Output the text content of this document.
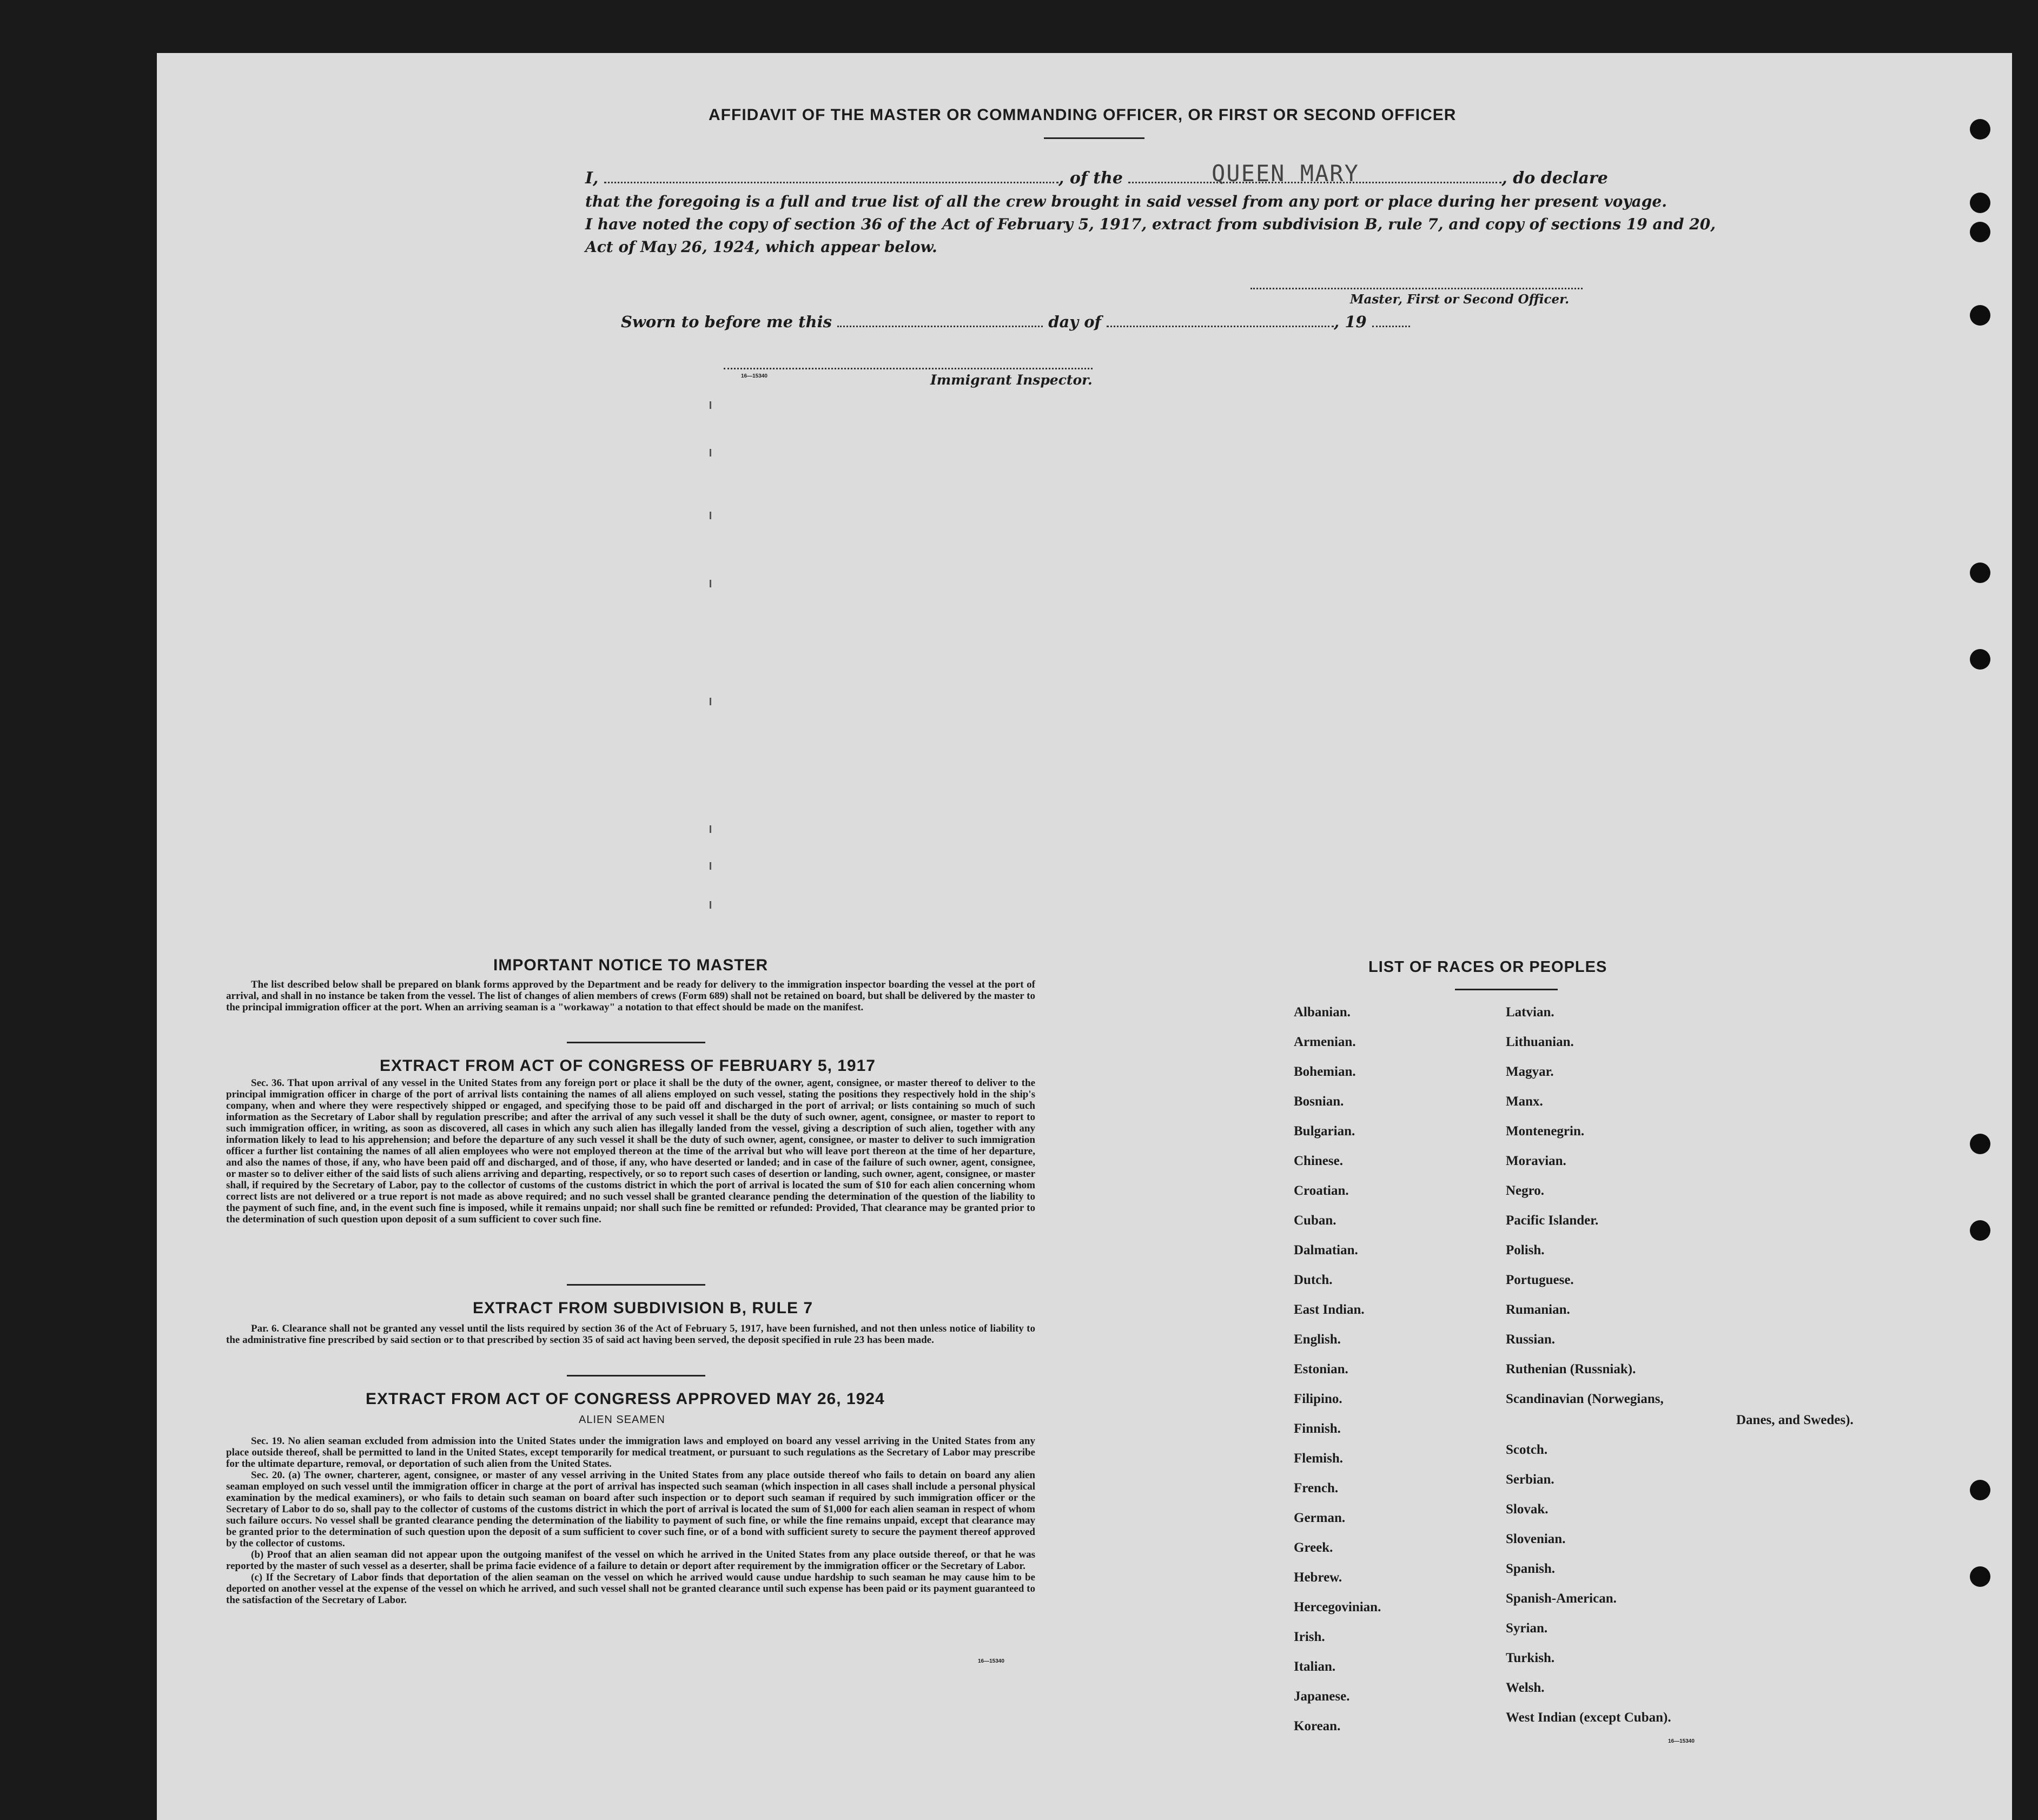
AFFIDAVIT OF THE MASTER OR COMMANDING OFFICER, OR FIRST OR SECOND OFFICER
I,	, of the	, do declare
QUEEN MARY
that the foregoing is a full and true list of all the crew brought in said vessel from any port or place during her present voyage.
I have noted the copy of section 36 of the Act of February 5, 1917, extract from subdivision B, rule 7, and copy of sections 19 and 20,
Act of May 26, 1924, which appear below.
Master, First or Second Officer.
Sworn to before me this	day of	, 19
16—15340	Immigrant Inspector.
IMPORTANT NOTICE TO MASTER
The list described below shall be prepared on blank forms approved by the Department and be ready for delivery to the immigration inspector boarding the vessel at the port of arrival, and shall in no instance be taken from the vessel. The list of changes of alien members of crews (Form 689) shall not be retained on board, but shall be delivered by the master to the principal immigration officer at the port. When an arriving seaman is a "workaway" a notation to that effect should be made on the manifest.
EXTRACT FROM ACT OF CONGRESS OF FEBRUARY 5, 1917
Sec. 36. That upon arrival of any vessel in the United States from any foreign port or place it shall be the duty of the owner, agent, consignee, or master thereof to deliver to the principal immigration officer in charge of the port of arrival lists containing the names of all aliens employed on such vessel, stating the positions they respectively hold in the ship's company, when and where they were respectively shipped or engaged, and specifying those to be paid off and discharged in the port of arrival; or lists containing so much of such information as the Secretary of Labor shall by regulation prescribe; and after the arrival of any such vessel it shall be the duty of such owner, agent, consignee, or master to report to such immigration officer, in writing, as soon as discovered, all cases in which any such alien has illegally landed from the vessel, giving a description of such alien, together with any information likely to lead to his apprehension; and before the departure of any such vessel it shall be the duty of such owner, agent, consignee, or master to deliver to such immigration officer a further list containing the names of all alien employees who were not employed thereon at the time of the arrival but who will leave port thereon at the time of her departure, and also the names of those, if any, who have been paid off and discharged, and of those, if any, who have deserted or landed; and in case of the failure of such owner, agent, consignee, or master so to deliver either of the said lists of such aliens arriving and departing, respectively, or so to report such cases of desertion or landing, such owner, agent, consignee, or master shall, if required by the Secretary of Labor, pay to the collector of customs of the customs district in which the port of arrival is located the sum of $10 for each alien concerning whom correct lists are not delivered or a true report is not made as above required; and no such vessel shall be granted clearance pending the determination of the question of the liability to the payment of such fine, and, in the event such fine is imposed, while it remains unpaid; nor shall such fine be remitted or refunded: Provided, That clearance may be granted prior to the determination of such question upon deposit of a sum sufficient to cover such fine.
EXTRACT FROM SUBDIVISION B, RULE 7
Par. 6. Clearance shall not be granted any vessel until the lists required by section 36 of the Act of February 5, 1917, have been furnished, and not then unless notice of liability to the administrative fine prescribed by said section or to that prescribed by section 35 of said act having been served, the deposit specified in rule 23 has been made.
EXTRACT FROM ACT OF CONGRESS APPROVED MAY 26, 1924
ALIEN SEAMEN
Sec. 19. No alien seaman excluded from admission into the United States under the immigration laws and employed on board any vessel arriving in the United States from any place outside thereof, shall be permitted to land in the United States, except temporarily for medical treatment, or pursuant to such regulations as the Secretary of Labor may prescribe for the ultimate departure, removal, or deportation of such alien from the United States.
Sec. 20. (a) The owner, charterer, agent, consignee, or master of any vessel arriving in the United States from any place outside thereof who fails to detain on board any alien seaman employed on such vessel until the immigration officer in charge at the port of arrival has inspected such seaman (which inspection in all cases shall include a personal physical examination by the medical examiners), or who fails to detain such seaman on board after such inspection or to deport such seaman if required by such immigration officer or the Secretary of Labor to do so, shall pay to the collector of customs of the customs district in which the port of arrival is located the sum of $1,000 for each alien seaman in respect of whom such failure occurs. No vessel shall be granted clearance pending the determination of the liability to payment of such fine, or while the fine remains unpaid, except that clearance may be granted prior to the determination of such question upon the deposit of a sum sufficient to cover such fine, or of a bond with sufficient surety to secure the payment thereof approved by the collector of customs.
(b) Proof that an alien seaman did not appear upon the outgoing manifest of the vessel on which he arrived in the United States from any place outside thereof, or that he was reported by the master of such vessel as a deserter, shall be prima facie evidence of a failure to detain or deport after requirement by the immigration officer or the Secretary of Labor.
(c) If the Secretary of Labor finds that deportation of the alien seaman on the vessel on which he arrived would cause undue hardship to such seaman he may cause him to be deported on another vessel at the expense of the vessel on which he arrived, and such vessel shall not be granted clearance until such expense has been paid or its payment guaranteed to the satisfaction of the Secretary of Labor.
16—15340
LIST OF RACES OR PEOPLES
Albanian.
Armenian.
Bohemian.
Bosnian.
Bulgarian.
Chinese.
Croatian.
Cuban.
Dalmatian.
Dutch.
East Indian.
English.
Estonian.
Filipino.
Finnish.
Flemish.
French.
German.
Greek.
Hebrew.
Hercegovinian.
Irish.
Italian.
Japanese.
Korean.
Latvian.
Lithuanian.
Magyar.
Manx.
Montenegrin.
Moravian.
Negro.
Pacific Islander.
Polish.
Portuguese.
Rumanian.
Russian.
Ruthenian (Russniak).
Scandinavian (Norwegians,
Danes, and Swedes).
Scotch.
Serbian.
Slovak.
Slovenian.
Spanish.
Spanish-American.
Syrian.
Turkish.
Welsh.
West Indian (except Cuban).
16—15340
